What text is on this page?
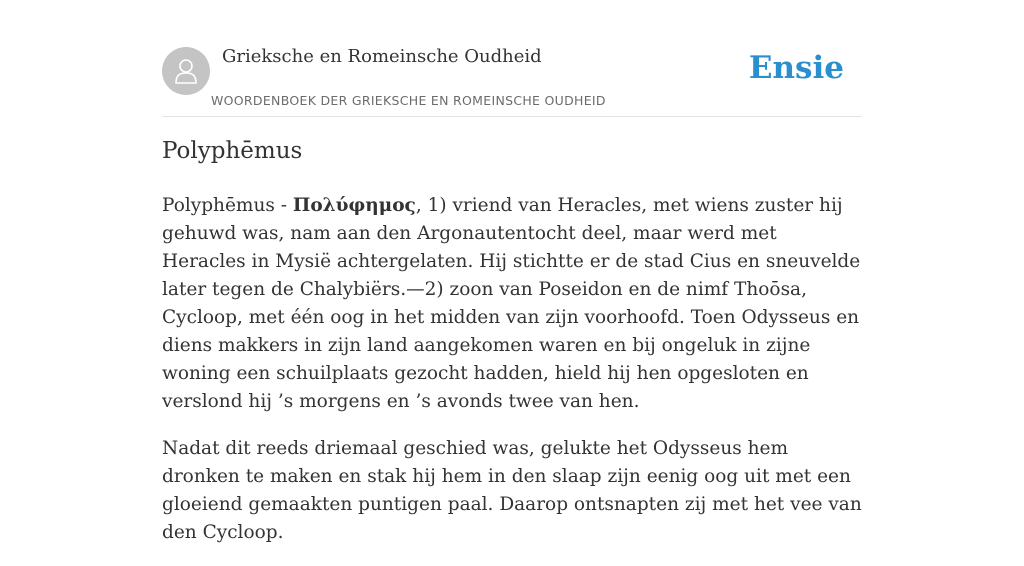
Grieksche en Romeinsche Oudheid
WOORDENBOEK DER GRIEKSCHE EN ROMEINSCHE OUDHEID
Ensie
Polyphēmus

Polyphēmus - Πολύφημος, 1) vriend van Heracles, met wiens zuster hij gehuwd was, nam aan den Argonautentocht deel, maar werd met Heracles in Mysië achtergelaten. Hij stichtte er de stad Cius en sneuvelde later tegen de Chalybiërs.—2) zoon van Poseidon en de nimf Thoōsa, Cycloop, met één oog in het midden van zijn voorhoofd. Toen Odysseus en diens makkers in zijn land aangekomen waren en bij ongeluk in zijne woning een schuilplaats gezocht hadden, hield hij hen opgesloten en verslond hij ’s morgens en ’s avonds twee van hen.

Nadat dit reeds driemaal geschied was, gelukte het Odysseus hem dronken te maken en stak hij hem in den slaap zijn eenig oog uit met een gloeiend gemaakten puntigen paal. Daarop ontsnapten zij met het vee van den Cycloop.
